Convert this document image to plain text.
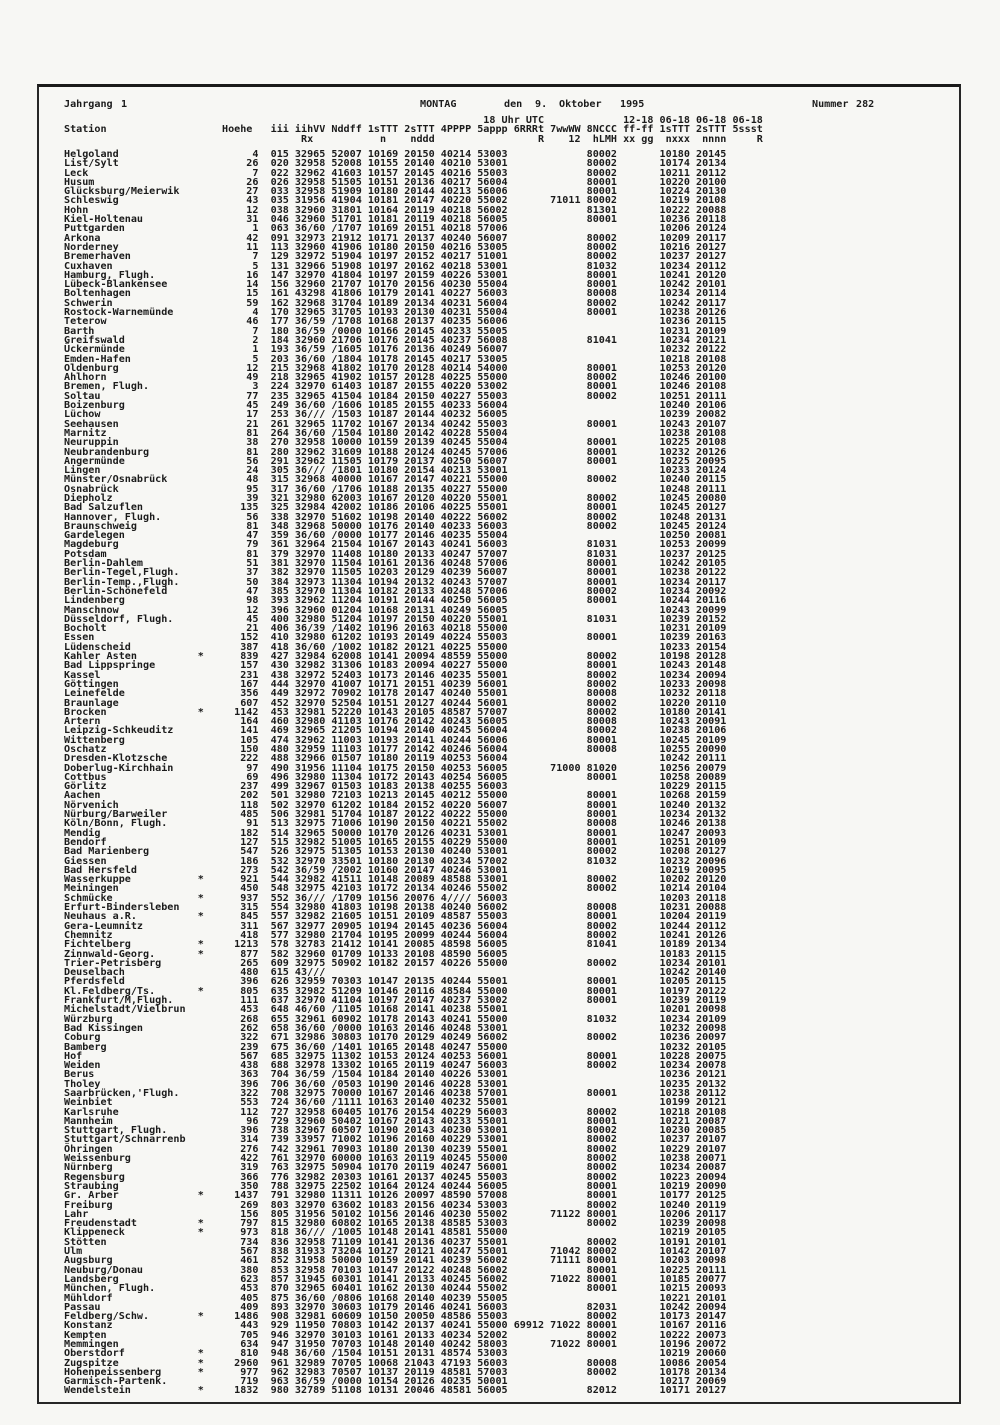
Jahrgang

1

	MONTAG

	den

9.

Oktober

1995

	Nummer

282

18 Uhr UTC             12-18 06-18 06-18 06-18
Station                   Hoehe   iii iihVV Nddff 1sTTT 2sTTT 4PPPP 5appp 6RRRt 7wwWW 8NCCC ff-ff 1sTTT 2sTTT 5ssst
Rx           n    nddd                 R    12  hLMH xx gg  nxxx  nnnn     R
Helgoland                      4  015 32965 52007 10169 20150 40214 53003             80002       10180 20145
List/Sylt                     26  020 32958 52008 10155 20140 40210 53001             80002       10174 20134
Leck                           7  022 32962 41603 10157 20145 40216 55003             80002       10211 20112
Husum                         26  026 32958 51505 10151 20136 40217 56004             80001       10220 20100
Glücksburg/Meierwik           27  033 32958 51909 10180 20144 40213 56006             80001       10224 20130
Schleswig                     43  035 31956 41904 10181 20147 40220 55002       71011 80002       10219 20108
Hohn                          12  038 32960 31801 10164 20119 40218 56002             81301       10222 20088
Kiel-Holtenau                 31  046 32960 51701 10181 20119 40218 56005             80001       10236 20118
Puttgarden                     1  063 36/60 /1707 10169 20151 40218 57006                         10206 20124
Arkona                        42  091 32973 21912 10171 20137 40240 56007             80002       10209 20117
Norderney                     11  113 32960 41906 10180 20150 40216 53005             80002       10216 20127
Bremerhaven                    7  129 32972 51904 10197 20152 40217 51001             80002       10237 20127
Cuxhaven                       5  131 32966 51908 10197 20162 40218 53001             81032       10234 20112
Hamburg, Flugh.               16  147 32970 41804 10197 20159 40226 53001             80001       10241 20120
Lübeck-Blankensee             14  156 32960 21707 10170 20156 40230 55004             80001       10242 20101
Boltenhagen                   15  161 43298 41806 10179 20141 40227 56003             80008       10234 20114
Schwerin                      59  162 32968 31704 10189 20134 40231 56004             80002       10242 20117
Rostock-Warnemünde             4  170 32965 31705 10193 20130 40231 55004             80001       10238 20126
Teterow                       46  177 36/59 /1708 10168 20137 40235 56006                         10236 20115
Barth                          7  180 36/59 /0000 10166 20145 40233 55005                         10231 20109
Greifswald                     2  184 32960 21706 10176 20145 40237 56008             81041       10234 20121
Ückermünde                     1  193 36/59 /1605 10176 20136 40249 56007                         10232 20122
Emden-Hafen                    5  203 36/60 /1804 10178 20145 40217 53005                         10218 20108
Oldenburg                     12  215 32968 41802 10170 20128 40214 54000             80001       10253 20120
Ahlhorn                       49  218 32965 41902 10157 20128 40225 55000             80002       10246 20100
Bremen, Flugh.                 3  224 32970 61403 10187 20155 40220 53002             80001       10246 20108
Soltau                        77  235 32965 41504 10184 20150 40227 55003             80002       10251 20111
Boizenburg                    45  249 36/60 /1606 10185 20155 40233 56004                         10240 20106
Lüchow                        17  253 36/// /1503 10187 20144 40232 56005                         10239 20082
Seehausen                     21  261 32965 11702 10167 20134 40242 55003             80001       10243 20107
Marnitz                       81  264 36/60 /1504 10180 20142 40228 55004                         10238 20108
Neuruppin                     38  270 32958 10000 10159 20139 40245 55004             80001       10225 20108
Neubrandenburg                81  280 32962 31609 10188 20124 40245 57006             80001       10232 20126
Angermünde                    56  291 32962 11505 10179 20137 40250 56007             80001       10225 20095
Lingen                        24  305 36/// /1801 10180 20154 40213 53001                         10233 20124
Münster/Osnabrück             48  315 32968 40000 10167 20147 40221 55000             80002       10240 20115
Osnabrück                     95  317 36/60 /1706 10188 20135 40227 55000                         10248 20111
Diepholz                      39  321 32980 62003 10167 20120 40220 55001             80002       10245 20080
Bad Salzuflen                135  325 32984 42002 10186 20106 40225 55001             80001       10245 20127
Hannover, Flugh.              56  338 32970 51602 10198 20140 40222 56002             80002       10248 20131
Braunschweig                  81  348 32968 50000 10176 20140 40233 56003             80002       10245 20124
Gardelegen                    47  359 36/60 /0000 10177 20146 40235 55004                         10250 20081
Magdeburg                     79  361 32964 21504 10167 20143 40241 56003             81031       10253 20099
Potsdam                       81  379 32970 11408 10180 20133 40247 57007             81031       10237 20125
Berlin-Dahlem                 51  381 32970 11504 10161 20136 40248 57006             80001       10242 20105
Berlin-Tegel,Flugh.           37  382 32970 11505 10203 20129 40239 56007             80001       10238 20122
Berlin-Temp.,Flugh.           50  384 32973 11304 10194 20132 40243 57007             80001       10234 20117
Berlin-Schönefeld             47  385 32970 11304 10182 20133 40248 57006             80002       10234 20092
Lindenberg                    98  393 32962 11204 10191 20144 40250 56005             80001       10244 20116
Manschnow                     12  396 32960 01204 10168 20131 40249 56005                         10243 20099
Düsseldorf, Flugh.            45  400 32980 51204 10197 20150 40220 55001             81031       10239 20152
Bocholt                       21  406 36/39 /1402 10196 20163 40218 55000                         10231 20109
Essen                        152  410 32980 61202 10193 20149 40224 55003             80001       10239 20163
Lüdenscheid                  387  418 36/60 /1002 10182 20121 40225 55000                         10233 20154
Kahler Asten          *      839  427 32984 62008 10141 20094 48559 55000             80002       10198 20128
Bad Lippspringe              157  430 32982 31306 10183 20094 40227 55000             80001       10243 20148
Kassel                       231  438 32972 52403 10173 20146 40235 55001             80002       10234 20094
Göttingen                    167  444 32970 41007 10171 20151 40239 56001             80002       10233 20098
Leinefelde                   356  449 32972 70902 10178 20147 40240 55001             80008       10232 20118
Braunlage                    607  452 32970 52504 10151 20127 40244 56001             80002       10220 20110
Brocken               *     1142  453 32981 52220 10143 20105 48587 57007             80002       10180 20141
Artern                       164  460 32980 41103 10176 20142 40243 56005             80008       10243 20091
Leipzig-Schkeuditz           141  469 32965 21205 10194 20140 40245 56004             80002       10238 20106
Wittenberg                   105  474 32962 11003 10193 20141 40244 56006             80001       10245 20109
Oschatz                      150  480 32959 11103 10177 20142 40246 56004             80008       10255 20090
Dresden-Klotzsche            222  488 32966 01507 10180 20119 40253 56004                         10242 20111
Doberlug-Kirchhain            97  490 31956 11104 10175 20150 40253 56005       71000 81020       10256 20079
Cottbus                       69  496 32980 11304 10172 20143 40254 56005             80001       10258 20089
Görlitz                      237  499 32967 01503 10183 20138 40255 56003                         10229 20115
Aachen                       202  501 32980 72103 10213 20145 40212 55000             80001       10268 20159
Nörvenich                    118  502 32970 61202 10184 20152 40220 56007             80001       10240 20132
Nürburg/Barweiler            485  506 32981 51704 10187 20122 40222 55000             80001       10234 20132
Köln/Bonn, Flugh.             91  513 32975 71006 10190 20150 40221 55002             80008       10246 20138
Mendig                       182  514 32965 50000 10170 20126 40231 53001             80001       10247 20093
Bendorf                      127  515 32982 51005 10165 20155 40229 55000             80001       10251 20109
Bad Marienberg               547  526 32975 51305 10153 20130 40240 53001             80002       10208 20127
Giessen                      186  532 32970 33501 10180 20130 40234 57002             81032       10232 20096
Bad Hersfeld                 273  542 36/59 /2002 10160 20147 40246 53001                         10219 20095
Wasserkuppe           *      921  544 32982 41511 10148 20089 48588 53001             80002       10202 20120
Meiningen                    450  548 32975 42103 10172 20134 40246 55002             80002       10214 20104
Schmücke              *      937  552 36/// /1709 10156 20076 4//// 56003                         10203 20118
Erfurt-Bindersleben          315  554 32980 41803 10198 20138 40240 56002             80008       10231 20088
Neuhaus a.R.          *      845  557 32982 21605 10151 20109 48587 55003             80001       10204 20119
Gera-Leumnitz                311  567 32977 20905 10194 20145 40236 56004             80002       10244 20112
Chemnitz                     418  577 32980 21704 10195 20099 40244 56004             80002       10241 20126
Fichtelberg           *     1213  578 32783 21412 10141 20085 48598 56005             81041       10189 20134
Zinnwald-Georg.       *      877  582 32960 01709 10133 20108 48590 56005                         10183 20115
Trier-Petrisberg             265  609 32975 50902 10182 20157 40226 55000             80002       10234 20101
Deuselbach                   480  615 43///                                                       10242 20140
Pferdsfeld                   396  626 32959 70303 10147 20135 40244 55001             80001       10205 20115
Kl.Feldberg/Ts.       *      805  635 32982 51209 10146 20116 48584 55000             80001       10197 20122
Frankfurt/M,Flugh.           111  637 32970 41104 10197 20147 40237 53002             80001       10239 20119
Michelstadt/Vielbrun         453  648 46/60 /1105 10168 20141 40238 55001                         10201 20098
Würzburg                     268  655 32961 60902 10178 20143 40241 55000             81032       10234 20109
Bad Kissingen                262  658 36/60 /0000 10163 20146 40248 53001                         10232 20098
Coburg                       322  671 32986 30803 10170 20129 40249 56002             80002       10236 20097
Bamberg                      239  675 36/60 /1401 10165 20148 40247 55000                         10232 20105
Hof                          567  685 32975 11302 10153 20124 40253 56001             80001       10228 20075
Weiden                       438  688 32978 13302 10165 20119 40247 56003             80002       10234 20078
Berus                        363  704 36/59 /1504 10184 20140 40226 53001                         10236 20121
Tholey                       396  706 36/60 /0503 10190 20146 40228 53001                         10235 20132
Saarbrücken,'Flugh.          322  708 32975 70000 10167 20146 40238 57001             80001       10238 20112
Weinbiet                     553  724 36/60 /1111 10163 20140 40232 55001                         10199 20121
Karlsruhe                    112  727 32958 60405 10176 20154 40229 56003             80002       10218 20108
Mannheim                      96  729 32960 50402 10167 20143 40233 55001             80001       10221 20087
Stuttgart, Flugh.            396  738 32967 60507 10190 20143 40230 53001             80002       10230 20085
Stuttgart/Schnarrenb         314  739 33957 71002 10196 20160 40229 53001             80002       10237 20107
Öhringen                     276  742 32961 70903 10180 20130 40239 55001             80002       10229 20107
Weissenburg                  422  761 32970 60000 10163 20119 40245 55000             80002       10238 20071
Nürnberg                     319  763 32975 50904 10170 20119 40247 56001             80002       10234 20087
Regensburg                   366  776 32982 20303 10161 20137 40245 55003             80002       10223 20094
Straubing                    350  788 32975 22502 10164 20124 40244 56005             80001       10219 20090
Gr. Arber             *     1437  791 32980 11311 10126 20097 48590 57008             80001       10177 20125
Freiburg                     269  803 32970 63602 10183 20156 40234 53003             80002       10240 20119
Lahr                         156  805 31956 50102 10156 20146 40230 55002       71122 80001       10206 20117
Freudenstadt          *      797  815 32980 60802 10165 20138 48585 53003             80002       10239 20098
Klippeneck            *      973  818 36/// /1005 10148 20141 48581 55000                         10219 20105
Stötten                      734  836 32958 71109 10141 20136 40237 55001             80002       10191 20101
Ulm                          567  838 31933 73204 10127 20121 40247 55001       71042 80002       10142 20107
Augsburg                     461  852 31958 50000 10159 20141 40239 56002       71111 80001       10203 20098
Neuburg/Donau                380  853 32958 70103 10147 20122 40248 56002             80001       10225 20111
Landsberg                    623  857 31945 60301 10141 20133 40245 56002       71022 80001       10185 20077
München, Flugh.              453  870 32965 60401 10162 20130 40244 55002             80001       10215 20093
Mühldorf                     405  875 36/60 /0806 10168 20140 40239 55005                         10221 20101
Passau                       409  893 32970 30603 10179 20146 40241 56003             82031       10242 20094
Feldberg/Schw.        *     1486  908 32981 60609 10150 20050 48586 55003             80002       10173 20147
Konstanz                     443  929 11950 70803 10142 20137 40241 55000 69912 71022 80001       10167 20116
Kempten                      705  946 32970 30103 10161 20133 40234 52002             80002       10222 20073
Memmingen                    634  947 31950 70703 10148 20140 40242 58003       71022 80001       10196 20072
Oberstdorf            *      810  948 36/60 /1504 10151 20131 48574 53003                         10219 20060
Zugspitze             *     2960  961 32989 70705 10068 21043 47193 56003             80008       10086 20054
Hohenpeissenberg      *      977  962 32983 70507 10137 20119 48581 57003             80002       10178 20134
Garmisch-Partenk.            719  963 36/59 /0000 10154 20126 40235 50001                         10217 20069
Wendelstein           *     1832  980 32789 51108 10131 20046 48581 56005             82012       10171 20127
